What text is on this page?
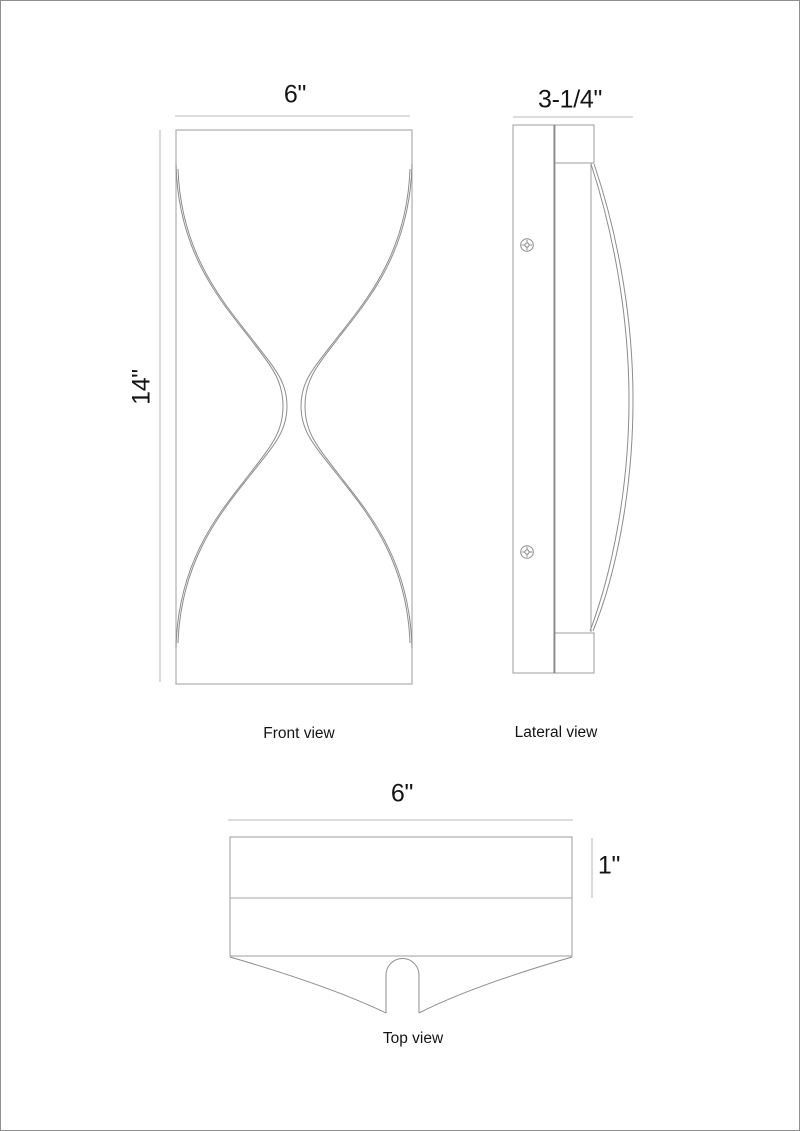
6"
14"
3-1/4"
6"
1"
Front view	Lateral view
Top view
